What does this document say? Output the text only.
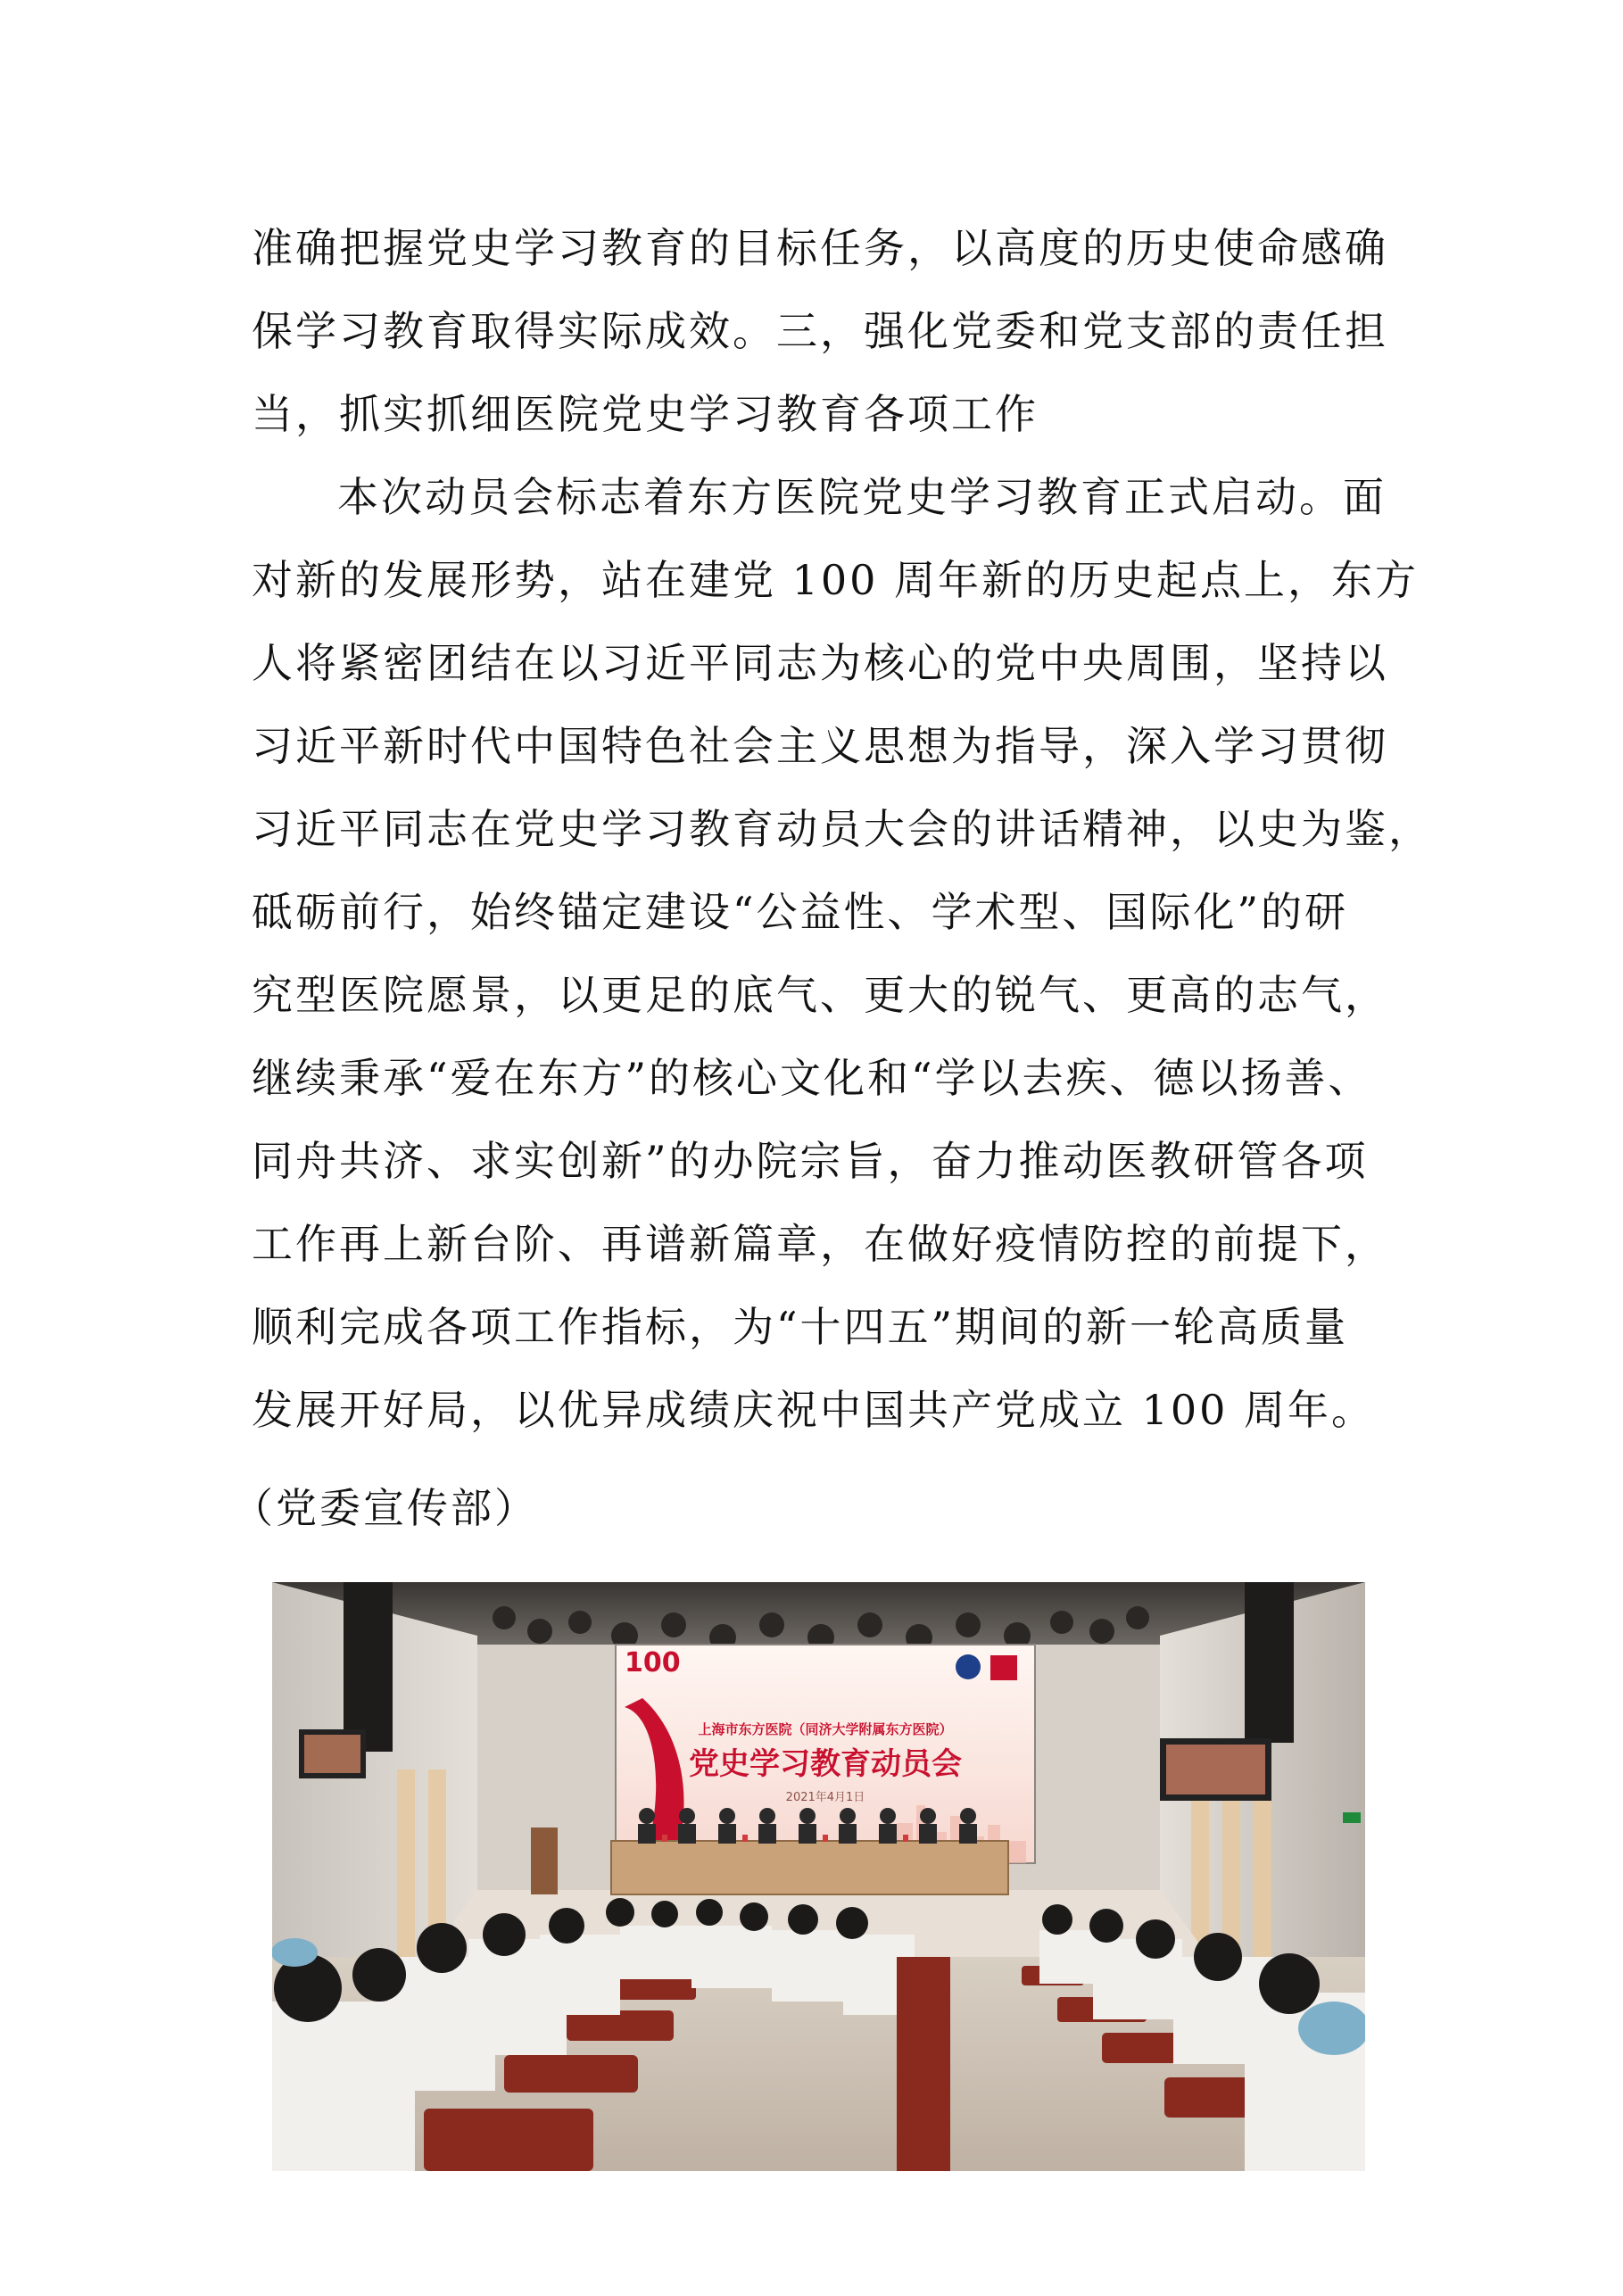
准确把握党史学习教育的目标任务，以高度的历史使命感确
保学习教育取得实际成效。三，强化党委和党支部的责任担
当，抓实抓细医院党史学习教育各项工作
本次动员会标志着东方医院党史学习教育正式启动。面
对新的发展形势，站在建党 100 周年新的历史起点上，东方
人将紧密团结在以习近平同志为核心的党中央周围，坚持以
习近平新时代中国特色社会主义思想为指导，深入学习贯彻
习近平同志在党史学习教育动员大会的讲话精神，以史为鉴，
砥砺前行，始终锚定建设“公益性、学术型、国际化”的研
究型医院愿景，以更足的底气、更大的锐气、更高的志气，
继续秉承“爱在东方”的核心文化和“学以去疾、德以扬善、
同舟共济、求实创新”的办院宗旨，奋力推动医教研管各项
工作再上新台阶、再谱新篇章，在做好疫情防控的前提下，
顺利完成各项工作指标，为“十四五”期间的新一轮高质量
发展开好局，以优异成绩庆祝中国共产党成立 100 周年。
（党委宣传部）
100
上海市东方医院（同济大学附属东方医院）
党史学习教育动员会
2021年4月1日
